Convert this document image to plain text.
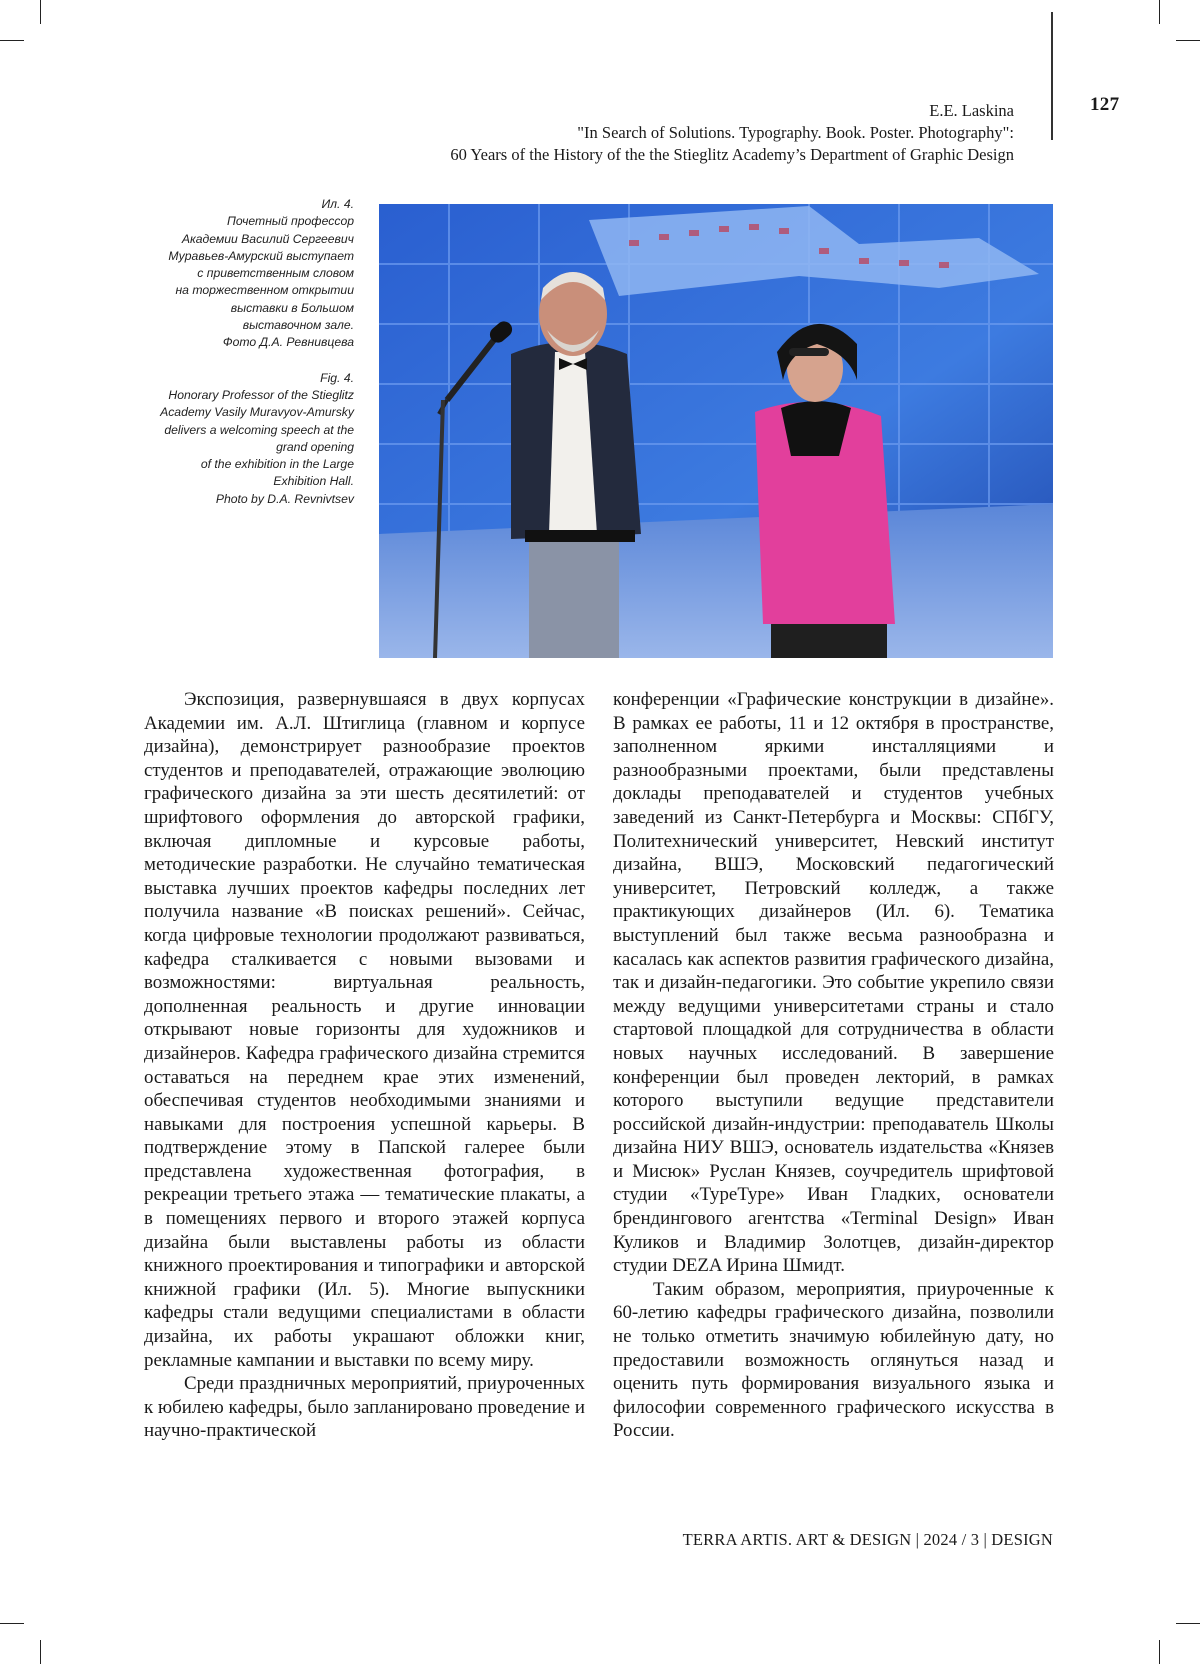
127
E.E. Laskina
"In Search of Solutions. Typography. Book. Poster. Photography":
60 Years of the History of the the Stieglitz Academy’s Department of Graphic Design

Ил. 4.
Почетный профессор
Академии Василий Сергеевич
Муравьев-Амурский выступает
с приветственным словом
на торжественном открытии
выставки в Большом
выставочном зале.
Фото Д.А. Ревнивцева

Fig. 4.
Honorary Professor of the Stieglitz
Academy Vasily Muravyov-Amursky
delivers a welcoming speech at the
grand opening
of the exhibition in the Large
Exhibition Hall.
Photo by D.A. Revnivtsev

Экспозиция, развернувшаяся в двух корпусах Академии им. А.Л. Штиглица (главном и корпусе дизайна), демонстрирует разнообразие проектов студентов и преподавателей, отражающие эволюцию графического дизайна за эти шесть десятилетий: от шрифтового оформления до авторской графики, включая дипломные и курсовые работы, методические разработки. Не случайно тематическая выставка лучших проектов кафедры последних лет получила название «В поисках решений». Сейчас, когда цифровые технологии продолжают развиваться, кафедра сталкивается с новыми вызовами и возможностями: виртуальная реальность, дополненная реальность и другие инновации открывают новые горизонты для художников и дизайнеров. Кафедра графического дизайна стремится оставаться на переднем крае этих изменений, обеспечивая студентов необходимыми знаниями и навыками для построения успешной карьеры. В подтверждение этому в Папской галерее были представлена художественная фотография, в рекреации третьего этажа — тематические плакаты, а в помещениях первого и второго этажей корпуса дизайна были выставлены работы из области книжного проектирования и типографики и авторской книжной графики (Ил. 5). Многие выпускники кафедры стали ведущими специалистами в области дизайна, их работы украшают обложки книг, рекламные кампании и выставки по всему миру.

Среди праздничных мероприятий, приуроченных к юбилею кафедры, было запланировано проведение и научно-практической

конференции «Графические конструкции в дизайне». В рамках ее работы, 11 и 12 октября в пространстве, заполненном яркими инсталляциями и разнообразными проектами, были представлены доклады преподавателей и студентов учебных заведений из Санкт-Петербурга и Москвы: СПбГУ, Политехнический университет, Невский институт дизайна, ВШЭ, Московский педагогический университет, Петровский колледж, а также практикующих дизайнеров (Ил. 6). Тематика выступлений был также весьма разнообразна и касалась как аспектов развития графического дизайна, так и дизайн-педагогики. Это событие укрепило связи между ведущими университетами страны и стало стартовой площадкой для сотрудничества в области новых научных исследований. В завершение конференции был проведен лекторий, в рамках которого выступили ведущие представители российской дизайн-индустрии: преподаватель Школы дизайна НИУ ВШЭ, основатель издательства «Князев и Мисюк» Руслан Князев, соучредитель шрифтовой студии «ТуреТуре» Иван Гладких, основатели брендингового агентства «Terminal Design» Иван Куликов и Владимир Золотцев, дизайн-директор студии DEZA Ирина Шмидт.

Таким образом, мероприятия, приуроченные к 60-летию кафедры графического дизайна, позволили не только отметить значимую юбилейную дату, но предоставили возможность оглянуться назад и оценить путь формирования визуального языка и философии современного графического искусства в России.

TERRA ARTIS. ART & DESIGN | 2024 / 3 | DESIGN
